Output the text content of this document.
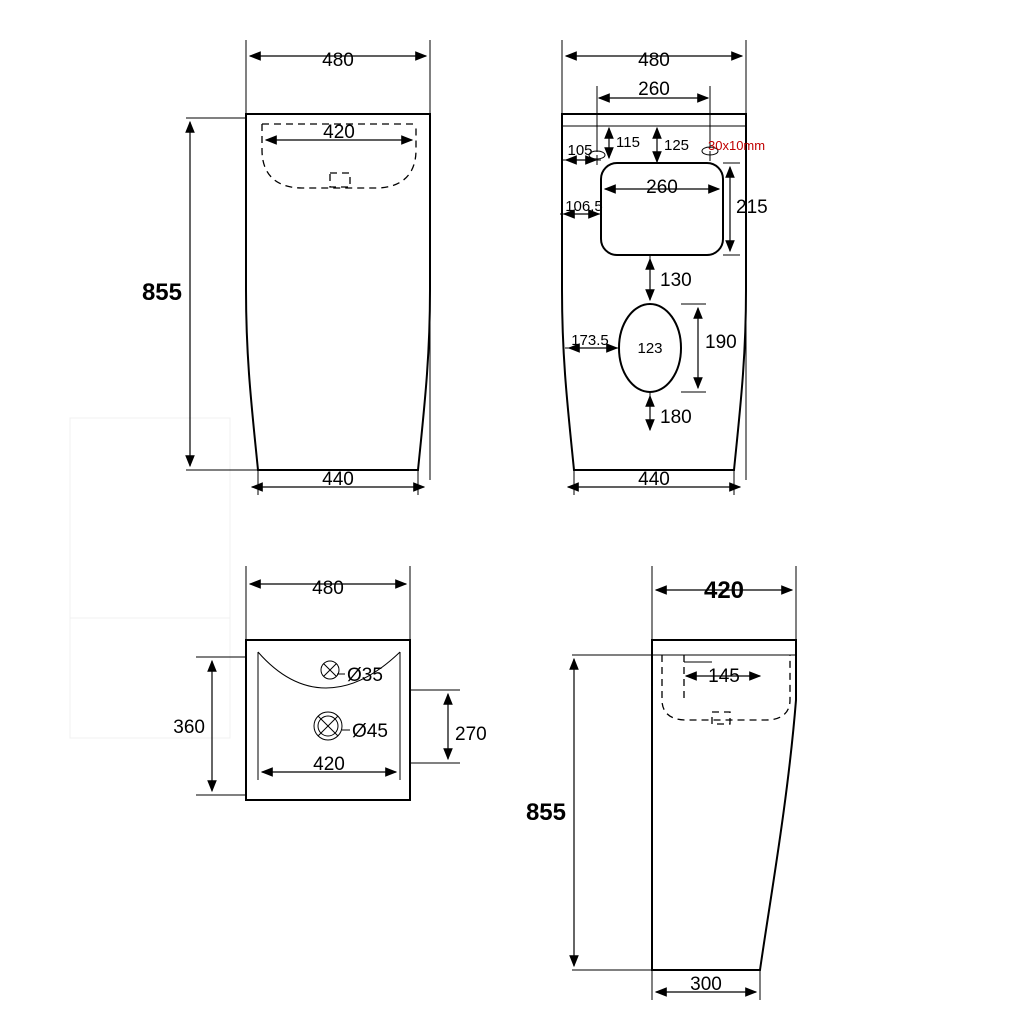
480
420
855
440
480
260
105 115 125 30x10mm
260
106.5	215
130
173.5 123 190
180
440
480
360	270
420
Ø35
Ø45
420
145
855
300
